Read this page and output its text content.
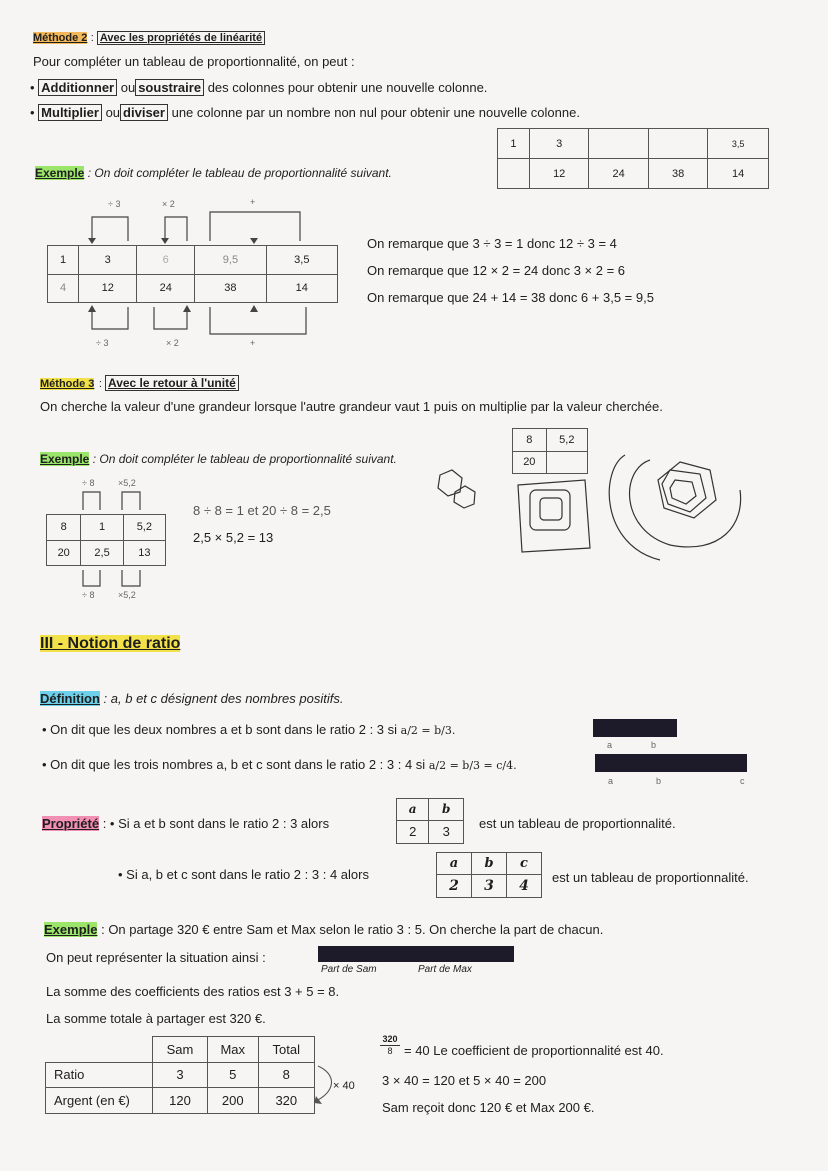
Méthode 2 : Avec les propriétés de linéarité
Pour compléter un tableau de proportionnalité, on peut :
• Additionner ou soustraire des colonnes pour obtenir une nouvelle colonne.
• Multiplier ou diviser une colonne par un nombre non nul pour obtenir une nouvelle colonne.
1	3			3,5
	12	24	38	14
Exemple : On doit compléter le tableau de proportionnalité suivant.
÷ 3	× 2	+
÷ 3	× 2	+
1	3	6	9,5	3,5
4	12	24	38	14
On remarque que 3 ÷ 3 = 1 donc 12 ÷ 3 = 4
On remarque que 12 × 2 = 24 donc 3 × 2 = 6
On remarque que 24 + 14 = 38 donc 6 + 3,5 = 9,5
Méthode 3 : Avec le retour à l'unité
On cherche la valeur d'une grandeur lorsque l'autre grandeur vaut 1 puis on multiplie par la valeur cherchée.
8	5,2
20	
Exemple : On doit compléter le tableau de proportionnalité suivant.
÷ 8	×5,2
8	1	5,2
20	2,5	13
÷ 8	×5,2
8 ÷ 8 = 1 et 20 ÷ 8 = 2,5
2,5 × 5,2 = 13
III - Notion de ratio
Définition : a, b et c désignent des nombres positifs.
• On dit que les deux nombres a et b sont dans le ratio 2 : 3 si a/2 = b/3.
• On dit que les trois nombres a, b et c sont dans le ratio 2 : 3 : 4 si a/2 = b/3 = c/4.
a	b
a	b	c
Propriété : • Si a et b sont dans le ratio 2 : 3 alors
a	b
2	3
est un tableau de proportionnalité.
• Si a, b et c sont dans le ratio 2 : 3 : 4 alors
a	b	c
2	3	4
est un tableau de proportionnalité.
Exemple : On partage 320 € entre Sam et Max selon le ratio 3 : 5. On cherche la part de chacun.
On peut représenter la situation ainsi :
Part de Sam	Part de Max
La somme des coefficients des ratios est 3 + 5 = 8.
La somme totale à partager est 320 €.
	Sam	Max	Total
Ratio	3	5	8
Argent (en €)	120	200	320
× 40
$\frac{320}{8} = 40$ Le coefficient de proportionnalité est 40.
3 × 40 = 120 et 5 × 40 = 200
Sam reçoit donc 120 € et Max 200 €.
